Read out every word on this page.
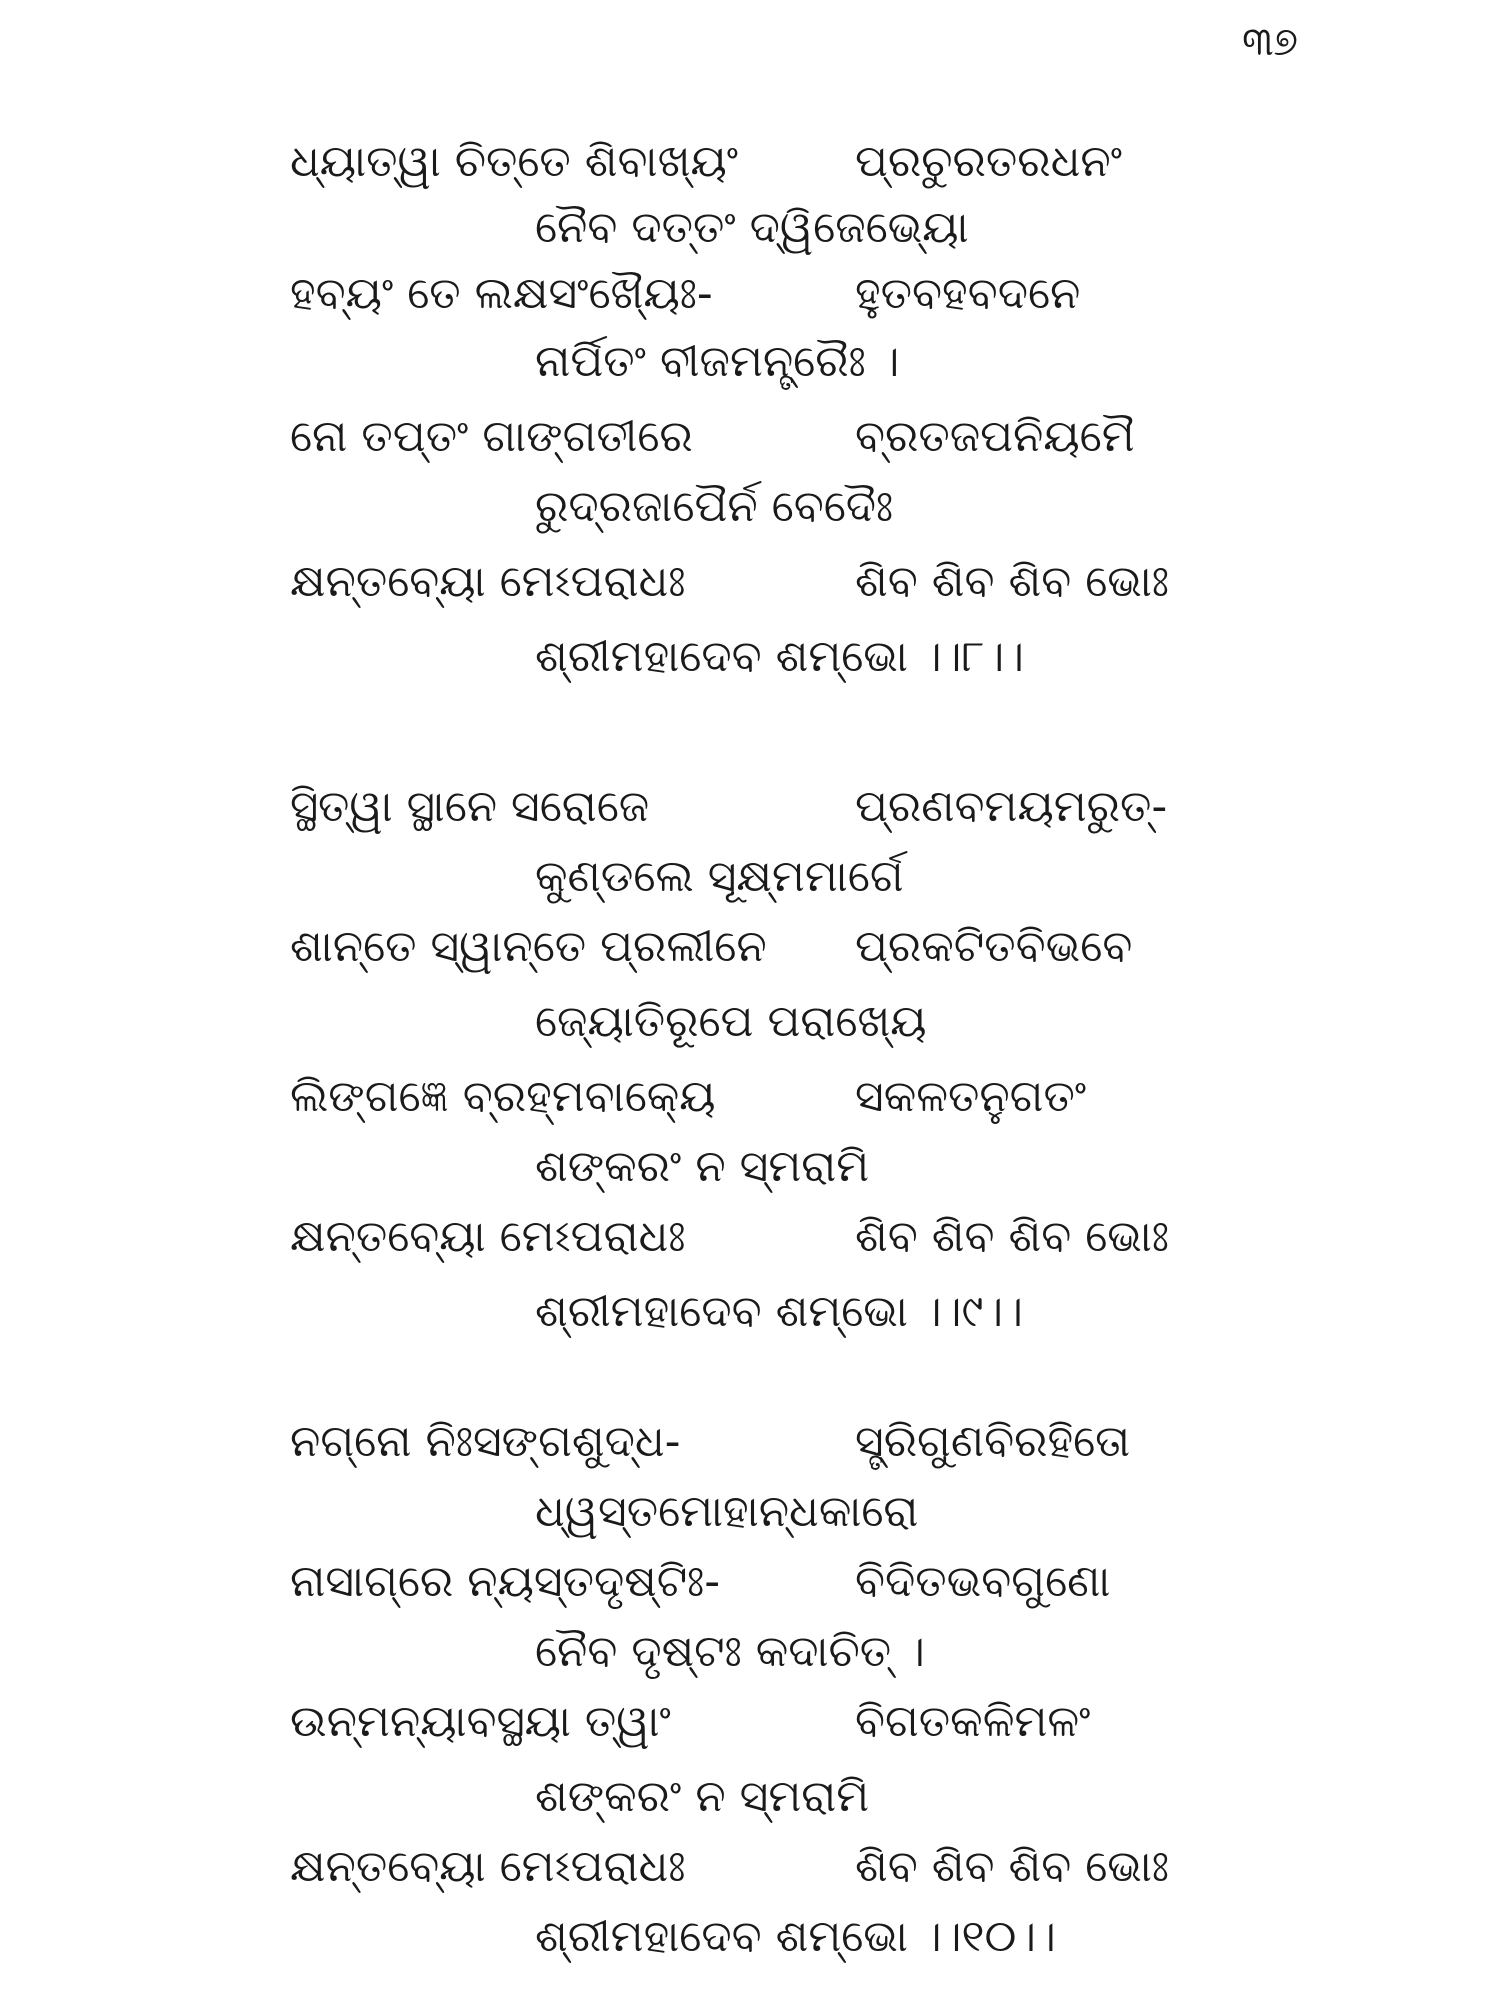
୩୭
ଧ୍ୟାତ୍ୱା ଚିତ୍ତେ ଶିବାଖ୍ୟଂ	ପ୍ରଚୁରତରଧନଂ
ନୈବ ଦତ୍ତଂ ଦ୍ୱିଜେଭ୍ୟୋ
ହବ୍ୟଂ ତେ ଲକ୍ଷସଂଖ୍ୟୈଃ-	ହୁତବହବଦନେ
ନାର୍ପିତଂ ବୀଜମନ୍ତ୍ରୈଃ ।
ନୋ ତପ୍ତଂ ଗାଙ୍ଗତୀରେ	ବ୍ରତଜପନିୟମୈ
ରୁଦ୍ରଜାପୈର୍ନ ବେଦୈଃ
କ୍ଷନ୍ତବ୍ୟୋ ମେଽପରାଧଃ	ଶିବ ଶିବ ଶିବ ଭୋଃ
ଶ୍ରୀମହାଦେବ ଶମ୍ଭୋ ।।୮।।
ସ୍ଥିତ୍ୱା ସ୍ଥାନେ ସରୋଜେ	ପ୍ରଣବମୟମରୁତ୍-
କୁଣ୍ଡଲେ ସୂକ୍ଷ୍ମମାର୍ଗେ
ଶାନ୍ତେ ସ୍ୱାନ୍ତେ ପ୍ରଲୀନେ ପ୍ରକଟିତବିଭବେ
ଜ୍ୟୋତିରୂପେ ପରାଖ୍ୟେ
ଲିଙ୍ଗଜ୍ଞେ ବ୍ରହ୍ମବାକ୍ୟେ	ସକଳତନୁଗତଂ
ଶଙ୍କରଂ ନ ସ୍ମରାମି
କ୍ଷନ୍ତବ୍ୟୋ ମେଽପରାଧଃ	ଶିବ ଶିବ ଶିବ ଭୋଃ
ଶ୍ରୀମହାଦେବ ଶମ୍ଭୋ ।।୯।।
ନଗ୍ନୋ ନିଃସଙ୍ଗଶୁଦ୍ଧ-	ସ୍ତ୍ରିଗୁଣବିରହିତୋ
ଧ୍ୱସ୍ତମୋହାନ୍ଧକାରୋ
ନାସାଗ୍ରେ ନ୍ୟସ୍ତଦୃଷ୍ଟିଃ-	ବିଦିତଭବଗୁଣୋ
ନୈବ ଦୃଷ୍ଟଃ କଦାଚିତ୍ ।
ଉନ୍ମନ୍ୟାବସ୍ଥୟା ତ୍ୱାଂ	ବିଗତକଳିମଳଂ
ଶଙ୍କରଂ ନ ସ୍ମରାମି
କ୍ଷନ୍ତବ୍ୟୋ ମେଽପରାଧଃ	ଶିବ ଶିବ ଶିବ ଭୋଃ
ଶ୍ରୀମହାଦେବ ଶମ୍ଭୋ ।।୧୦।।
